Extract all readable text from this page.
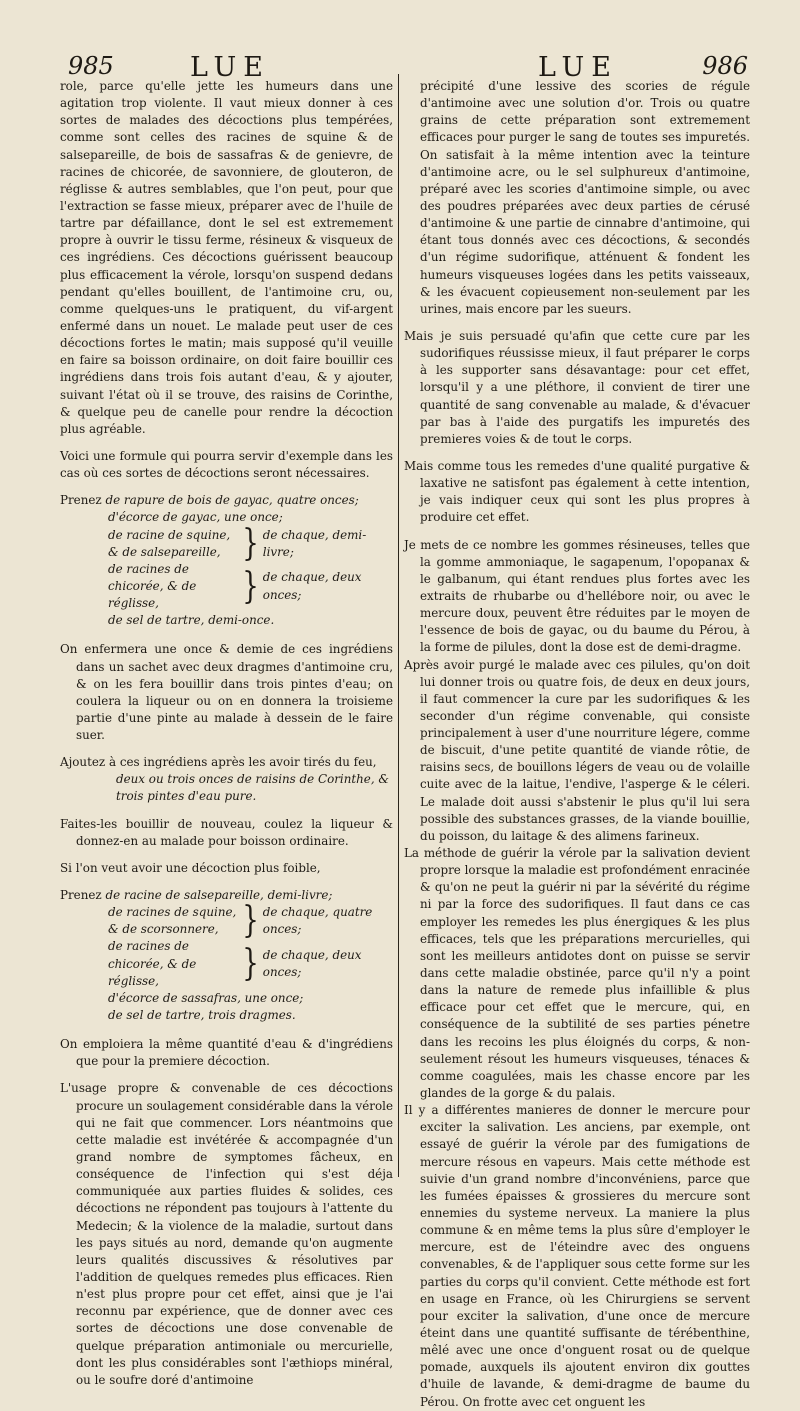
985	LUE	LUE	986

role, parce qu'elle jette les humeurs dans une agitation trop violente. Il vaut mieux donner à ces sortes de malades des décoctions plus tempérées, comme sont celles des racines de squine & de salsepareille, de bois de sassafras & de genievre, de racines de chicorée, de savonniere, de glouteron, de réglisse & autres semblables, que l'on peut, pour que l'extraction se fasse mieux, préparer avec de l'huile de tartre par défaillance, dont le sel est extremement propre à ouvrir le tissu ferme, résineux & visqueux de ces ingrédiens. Ces décoctions guérissent beaucoup plus efficacement la vérole, lorsqu'on suspend dedans pendant qu'elles bouillent, de l'antimoine cru, ou, comme quelques-uns le pratiquent, du vif-argent enfermé dans un nouet. Le malade peut user de ces décoctions fortes le matin; mais supposé qu'il veuille en faire sa boisson ordinaire, on doit faire bouillir ces ingrédiens dans trois fois autant d'eau, & y ajouter, suivant l'état où il se trouve, des raisins de Corinthe, & quelque peu de canelle pour rendre la décoction plus agréable.

Voici une formule qui pourra servir d'exemple dans les cas où ces sortes de décoctions seront nécessaires.

Prenez de rapure de bois de gayac, quatre onces;
d'écorce de gayac, une once;
de racine de squine, & de salsepareille, } de chaque, demi-livre;
de racines de chicorée, & de réglisse,	} de chaque, deux onces;
de sel de tartre, demi-once.

On enfermera une once & demie de ces ingrédiens dans un sachet avec deux dragmes d'antimoine cru, & on les fera bouillir dans trois pintes d'eau; on coulera la liqueur ou on en donnera la troisieme partie d'une pinte au malade à dessein de le faire suer.

Ajoutez à ces ingrédiens après les avoir tirés du feu,

deux ou trois onces de raisins de Corinthe, & trois pintes d'eau pure.

Faites-les bouillir de nouveau, coulez la liqueur & donnez-en au malade pour boisson ordinaire.

Si l'on veut avoir une décoction plus foible,

Prenez de racine de salsepareille, demi-livre;
de racines de squine, & de scorsonnere, } de chaque, quatre onces;
de racines de chicorée, & de réglisse,	} de chaque, deux onces;
d'écorce de sassafras, une once;
de sel de tartre, trois dragmes.

On emploiera la même quantité d'eau & d'ingrédiens que pour la premiere décoction.

L'usage propre & convenable de ces décoctions procure un soulagement considérable dans la vérole qui ne fait que commencer. Lors néantmoins que cette maladie est invétérée & accompagnée d'un grand nombre de symptomes fâcheux, en conséquence de l'infection qui s'est déja communiquée aux parties fluides & solides, ces décoctions ne répondent pas toujours à l'attente du Medecin; & la violence de la maladie, surtout dans les pays situés au nord, demande qu'on augmente leurs qualités discussives & résolutives par l'addition de quelques remedes plus efficaces. Rien n'est plus propre pour cet effet, ainsi que je l'ai reconnu par expérience, que de donner avec ces sortes de décoctions une dose convenable de quelque préparation antimoniale ou mercurielle, dont les plus considérables sont l'æthiops minéral, ou le soufre doré d'antimoine

précipité d'une lessive des scories de régule d'antimoine avec une solution d'or. Trois ou quatre grains de cette préparation sont extremement efficaces pour purger le sang de toutes ses impuretés. On satisfait à la même intention avec la teinture d'antimoine acre, ou le sel sulphureux d'antimoine, préparé avec les scories d'antimoine simple, ou avec des poudres préparées avec deux parties de cérusé d'antimoine & une partie de cinnabre d'antimoine, qui étant tous donnés avec ces décoctions, & secondés d'un régime sudorifique, atténuent & fondent les humeurs visqueuses logées dans les petits vaisseaux, & les évacuent copieusement non-seulement par les urines, mais encore par les sueurs.

Mais je suis persuadé qu'afin que cette cure par les sudorifiques réussisse mieux, il faut préparer le corps à les supporter sans désavantage: pour cet effet, lorsqu'il y a une pléthore, il convient de tirer une quantité de sang convenable au malade, & d'évacuer par bas à l'aide des purgatifs les impuretés des premieres voies & de tout le corps.

Mais comme tous les remedes d'une qualité purgative & laxative ne satisfont pas également à cette intention, je vais indiquer ceux qui sont les plus propres à produire cet effet.

Je mets de ce nombre les gommes résineuses, telles que la gomme ammoniaque, le sagapenum, l'opopanax & le galbanum, qui étant rendues plus fortes avec les extraits de rhubarbe ou d'hellébore noir, ou avec le mercure doux, peuvent être réduites par le moyen de l'essence de bois de gayac, ou du baume du Pérou, à la forme de pilules, dont la dose est de demi-dragme.

Après avoir purgé le malade avec ces pilules, qu'on doit lui donner trois ou quatre fois, de deux en deux jours, il faut commencer la cure par les sudorifiques & les seconder d'un régime convenable, qui consiste principalement à user d'une nourriture légere, comme de biscuit, d'une petite quantité de viande rôtie, de raisins secs, de bouillons légers de veau ou de volaille cuite avec de la laitue, l'endive, l'asperge & le céleri. Le malade doit aussi s'abstenir le plus qu'il lui sera possible des substances grasses, de la viande bouillie, du poisson, du laitage & des alimens farineux.

La méthode de guérir la vérole par la salivation devient propre lorsque la maladie est profondément enracinée & qu'on ne peut la guérir ni par la sévérité du régime ni par la force des sudorifiques. Il faut dans ce cas employer les remedes les plus énergiques & les plus efficaces, tels que les préparations mercurielles, qui sont les meilleurs antidotes dont on puisse se servir dans cette maladie obstinée, parce qu'il n'y a point dans la nature de remede plus infaillible & plus efficace pour cet effet que le mercure, qui, en conséquence de la subtilité de ses parties pénetre dans les recoins les plus éloignés du corps, & non-seulement résout les humeurs visqueuses, ténaces & comme coagulées, mais les chasse encore par les glandes de la gorge & du palais.

Il y a différentes manieres de donner le mercure pour exciter la salivation. Les anciens, par exemple, ont essayé de guérir la vérole par des fumigations de mercure résous en vapeurs. Mais cette méthode est suivie d'un grand nombre d'inconvéniens, parce que les fumées épaisses & grossieres du mercure sont ennemies du systeme nerveux. La maniere la plus commune & en même tems la plus sûre d'employer le mercure, est de l'éteindre avec des onguens convenables, & de l'appliquer sous cette forme sur les parties du corps qu'il convient. Cette méthode est fort en usage en France, où les Chirurgiens se servent pour exciter la salivation, d'une once de mercure éteint dans une quantité suffisante de térébenthine, mêlé avec une once d'onguent rosat ou de quelque pomade, auxquels ils ajoutent environ dix gouttes d'huile de lavande, & demi-dragme de baume du Pérou. On frotte avec cet onguent les
